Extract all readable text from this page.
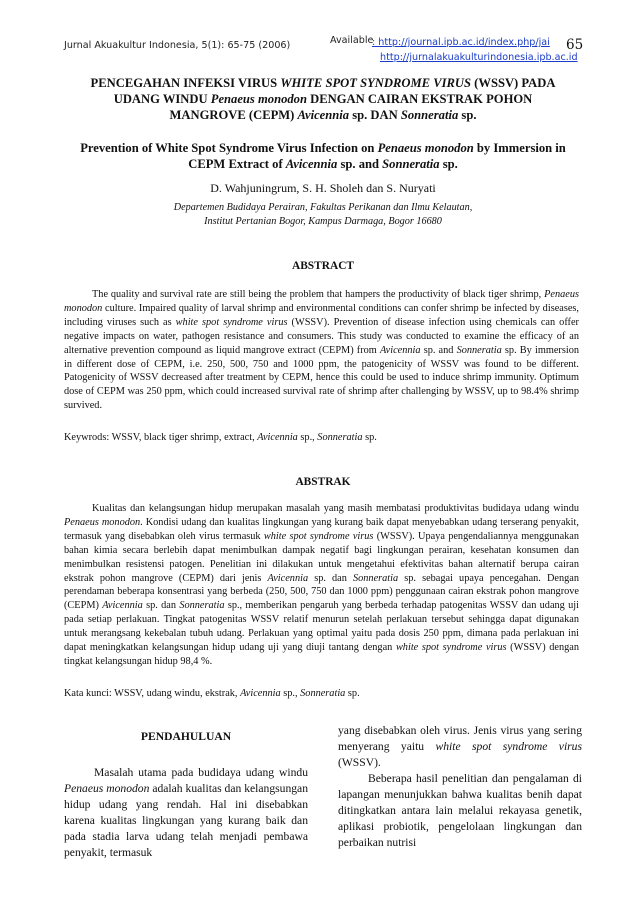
Jurnal Akuakultur Indonesia, 5(1): 65-75 (2006)	Available
: http://journal.ipb.ac.id/index.php/jai
http://jurnalakuakulturindonesia.ipb.ac.id
65
PENCEGAHAN INFEKSI VIRUS WHITE SPOT SYNDROME VIRUS (WSSV) PADA
UDANG WINDU Penaeus monodon DENGAN CAIRAN EKSTRAK POHON
MANGROVE (CEPM) Avicennia sp. DAN Sonneratia sp.
Prevention of White Spot Syndrome Virus Infection on Penaeus monodon by Immersion in
CEPM Extract of Avicennia sp. and Sonneratia sp.
D. Wahjuningrum, S. H. Sholeh dan S. Nuryati
Departemen Budidaya Perairan, Fakultas Perikanan dan Ilmu Kelautan,
Institut Pertanian Bogor, Kampus Darmaga, Bogor 16680
ABSTRACT
The quality and survival rate are still being the problem that hampers the productivity of black tiger shrimp, Penaeus monodon culture. Impaired quality of larval shrimp and environmental conditions can confer shrimp be infected by diseases, including viruses such as white spot syndrome virus (WSSV). Prevention of disease infection using chemicals can offer negative impacts on water, pathogen resistance and consumers. This study was conducted to examine the efficacy of an alternative prevention compound as liquid mangrove extract (CEPM) from Avicennia sp. and Sonneratia sp. By immersion in different dose of CEPM, i.e. 250, 500, 750 and 1000 ppm, the patogenicity of WSSV was found to be different. Patogenicity of WSSV decreased after treatment by CEPM, hence this could be used to induce shrimp immunity. Optimum dose of CEPM was 250 ppm, which could increased survival rate of shrimp after challenging by WSSV, up to 98.4% shrimp survived.
Keywrods: WSSV, black tiger shrimp, extract, Avicennia sp., Sonneratia sp.
ABSTRAK
Kualitas dan kelangsungan hidup merupakan masalah yang masih membatasi produktivitas budidaya udang windu Penaeus monodon. Kondisi udang dan kualitas lingkungan yang kurang baik dapat menyebabkan udang terserang penyakit, termasuk yang disebabkan oleh virus termasuk white spot syndrome virus (WSSV). Upaya pengendaliannya menggunakan bahan kimia secara berlebih dapat menimbulkan dampak negatif bagi lingkungan perairan, kesehatan konsumen dan menimbulkan resistensi patogen. Penelitian ini dilakukan untuk mengetahui efektivitas bahan alternatif berupa cairan ekstrak pohon mangrove (CEPM) dari jenis Avicennia sp. dan Sonneratia sp. sebagai upaya pencegahan. Dengan perendaman beberapa konsentrasi yang berbeda (250, 500, 750 dan 1000 ppm) penggunaan cairan ekstrak pohon mangrove (CEPM) Avicennia sp. dan Sonneratia sp., memberikan pengaruh yang berbeda terhadap patogenitas WSSV dan udang uji pada setiap perlakuan. Tingkat patogenitas WSSV relatif menurun setelah perlakuan tersebut sehingga dapat digunakan untuk merangsang kekebalan tubuh udang. Perlakuan yang optimal yaitu pada dosis 250 ppm, dimana pada perlakuan ini dapat meningkatkan kelangsungan hidup udang uji yang diuji tantang dengan white spot syndrome virus (WSSV) dengan tingkat kelangsungan hidup 98,4 %.
Kata kunci: WSSV, udang windu, ekstrak, Avicennia sp., Sonneratia sp.
PENDAHULUAN
Masalah utama pada budidaya udang windu Penaeus monodon adalah kualitas dan kelangsungan hidup udang yang rendah. Hal ini disebabkan karena kualitas lingkungan yang kurang baik dan pada stadia larva udang telah menjadi pembawa penyakit, termasuk
yang disebabkan oleh virus. Jenis virus yang sering menyerang yaitu white spot syndrome virus (WSSV).
Beberapa hasil penelitian dan pengalaman di lapangan menunjukkan bahwa kualitas benih dapat ditingkatkan antara lain melalui rekayasa genetik, aplikasi probiotik, pengelolaan lingkungan dan perbaikan nutrisi
